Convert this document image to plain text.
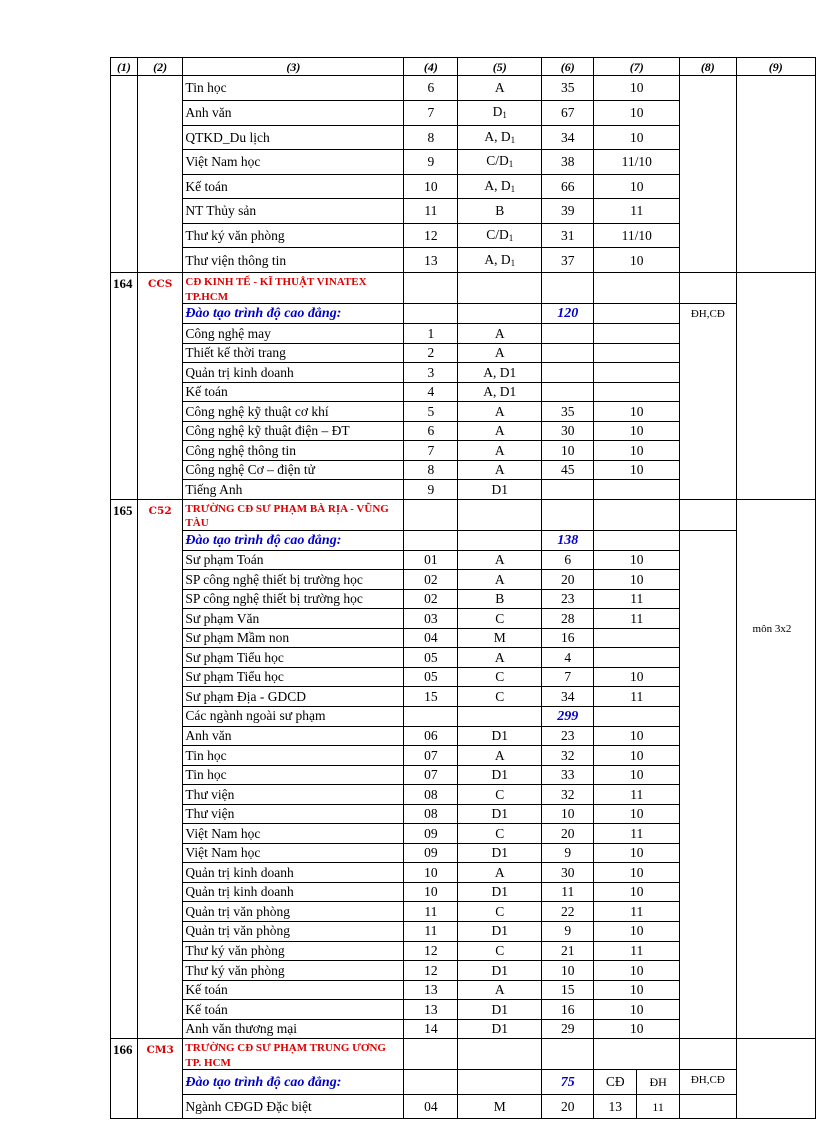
(1)	(2)	(3)	(4)	(5)	(6)	(7)	(8)	(9)
		Tin học	6	A	35	10		
		Anh văn	7	$D_1$	67	10		
		QTKD_Du lịch	8	A, $D_1$	34	10		
		Việt Nam học	9	$C/D_1$	38	11/10		
		Kế toán	10	A, $D_1$	66	10		
		NT Thủy sản	11	B	39	11		
		Thư ký văn phòng	12	$C/D_1$	31	11/10		
		Thư viện thông tin	13	A, $D_1$	37	10		
164	CCS	CĐ KINH TẾ - KĨ THUẬT VINATEX TP.HCM						
		Đào tạo trình độ cao đẳng:			120		ĐH,CĐ	
		Công nghệ may	1	A				
		Thiết kế thời trang	2	A				
		Quản trị kinh doanh	3	A, D1				
		Kế toán	4	A, D1				
		Công nghệ kỹ thuật cơ khí	5	A	35	10		
		Công nghệ kỹ thuật điện – ĐT	6	A	30	10		
		Công nghệ thông tin	7	A	10	10		
		Công nghệ Cơ – điện tử	8	A	45	10		
		Tiếng Anh	9	D1				
165	C52	TRƯỜNG CĐ SƯ PHẠM BÀ RỊA - VŨNG TÀU						
		Đào tạo trình độ cao đẳng:			138			môn 3x2

		Sư phạm Toán	01	A	6	10		
		SP công nghệ thiết bị trường học	02	A	20	10		
		SP công nghệ thiết bị trường học	02	B	23	11		
		Sư phạm Văn	03	C	28	11		
		Sư phạm Mầm non	04	M	16			
		Sư phạm Tiểu học	05	A	4			
		Sư phạm Tiểu học	05	C	7	10		
		Sư phạm Địa - GDCD	15	C	34	11		
		Các ngành ngoài sư phạm			299			
		Anh văn	06	D1	23	10		
		Tin học	07	A	32	10		
		Tin học	07	D1	33	10		
		Thư viện	08	C	32	11		
		Thư viện	08	D1	10	10		
		Việt Nam học	09	C	20	11		
		Việt Nam học	09	D1	9	10		
		Quản trị kinh doanh	10	A	30	10		
		Quản trị kinh doanh	10	D1	11	10		
		Quản trị văn phòng	11	C	22	11		
		Quản trị văn phòng	11	D1	9	10		
		Thư ký văn phòng	12	C	21	11		
		Thư ký văn phòng	12	D1	10	10		
		Kế toán	13	A	15	10		
		Kế toán	13	D1	16	10		
		Anh văn thương mại	14	D1	29	10		
166	CM3	TRƯỜNG CĐ SƯ PHẠM TRUNG ƯƠNG TP. HCM						
		Đào tạo trình độ cao đẳng:			75	CĐ ĐH	ĐH,CĐ	
		Ngành CĐGD Đặc biệt	04	M	20	13 11		
